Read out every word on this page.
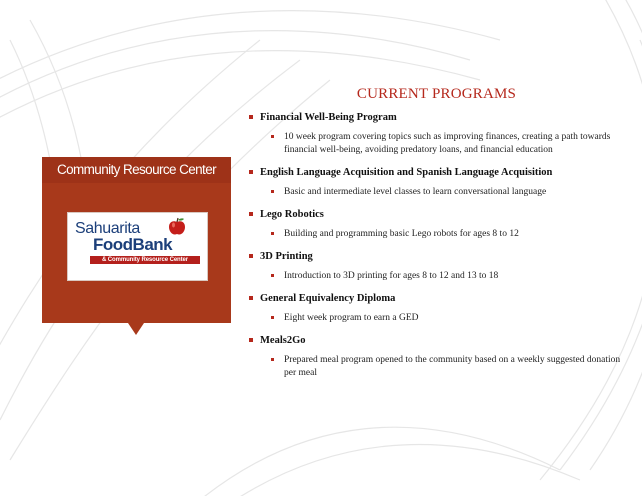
Community Resource Center
Sahuarita
FoodBank
& Community Resource Center
CURRENT PROGRAMS
Financial Well-Being Program
10 week program covering topics such as improving finances, creating a path towards financial well-being, avoiding predatory loans, and financial education
English Language Acquisition and Spanish Language Acquisition
Basic and intermediate level classes to learn conversational language
Lego Robotics
Building and programming basic Lego robots for ages 8 to 12
3D Printing
Introduction to 3D printing for ages 8 to 12 and 13 to 18
General Equivalency Diploma
Eight week program to earn a GED
Meals2Go
Prepared meal program opened to the community based on a weekly suggested donation per meal
